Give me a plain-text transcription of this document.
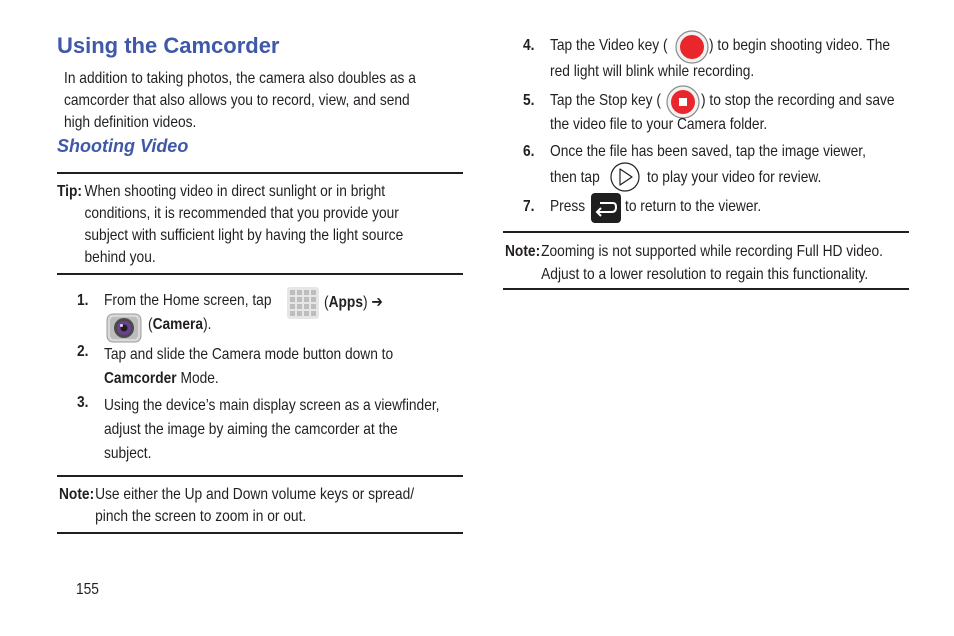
Using the Camcorder
In addition to taking photos, the camera also doubles as a
camcorder that also allows you to record, view, and send
high definition videos.
Shooting Video
Tip: When shooting video in direct sunlight or in bright
conditions, it is recommended that you provide your
subject with sufficient light by having the light source
behind you.
1. From the Home screen, tap	(Apps) ➔
(Camera).
2. Tap and slide the Camera mode button down to
Camcorder Mode.
3. Using the device’s main display screen as a viewfinder,
adjust the image by aiming the camcorder at the
subject.
Note: Use either the Up and Down volume keys or spread/
pinch the screen to zoom in or out.
155
4. Tap the Video key (	) to begin shooting video. The
red light will blink while recording.
5. Tap the Stop key (	) to stop the recording and save
the video file to your Camera folder.
6. Once the file has been saved, tap the image viewer,
then tap	to play your video for review.
7. Press to return to the viewer.
Note: Zooming is not supported while recording Full HD video.
Adjust to a lower resolution to regain this functionality.
